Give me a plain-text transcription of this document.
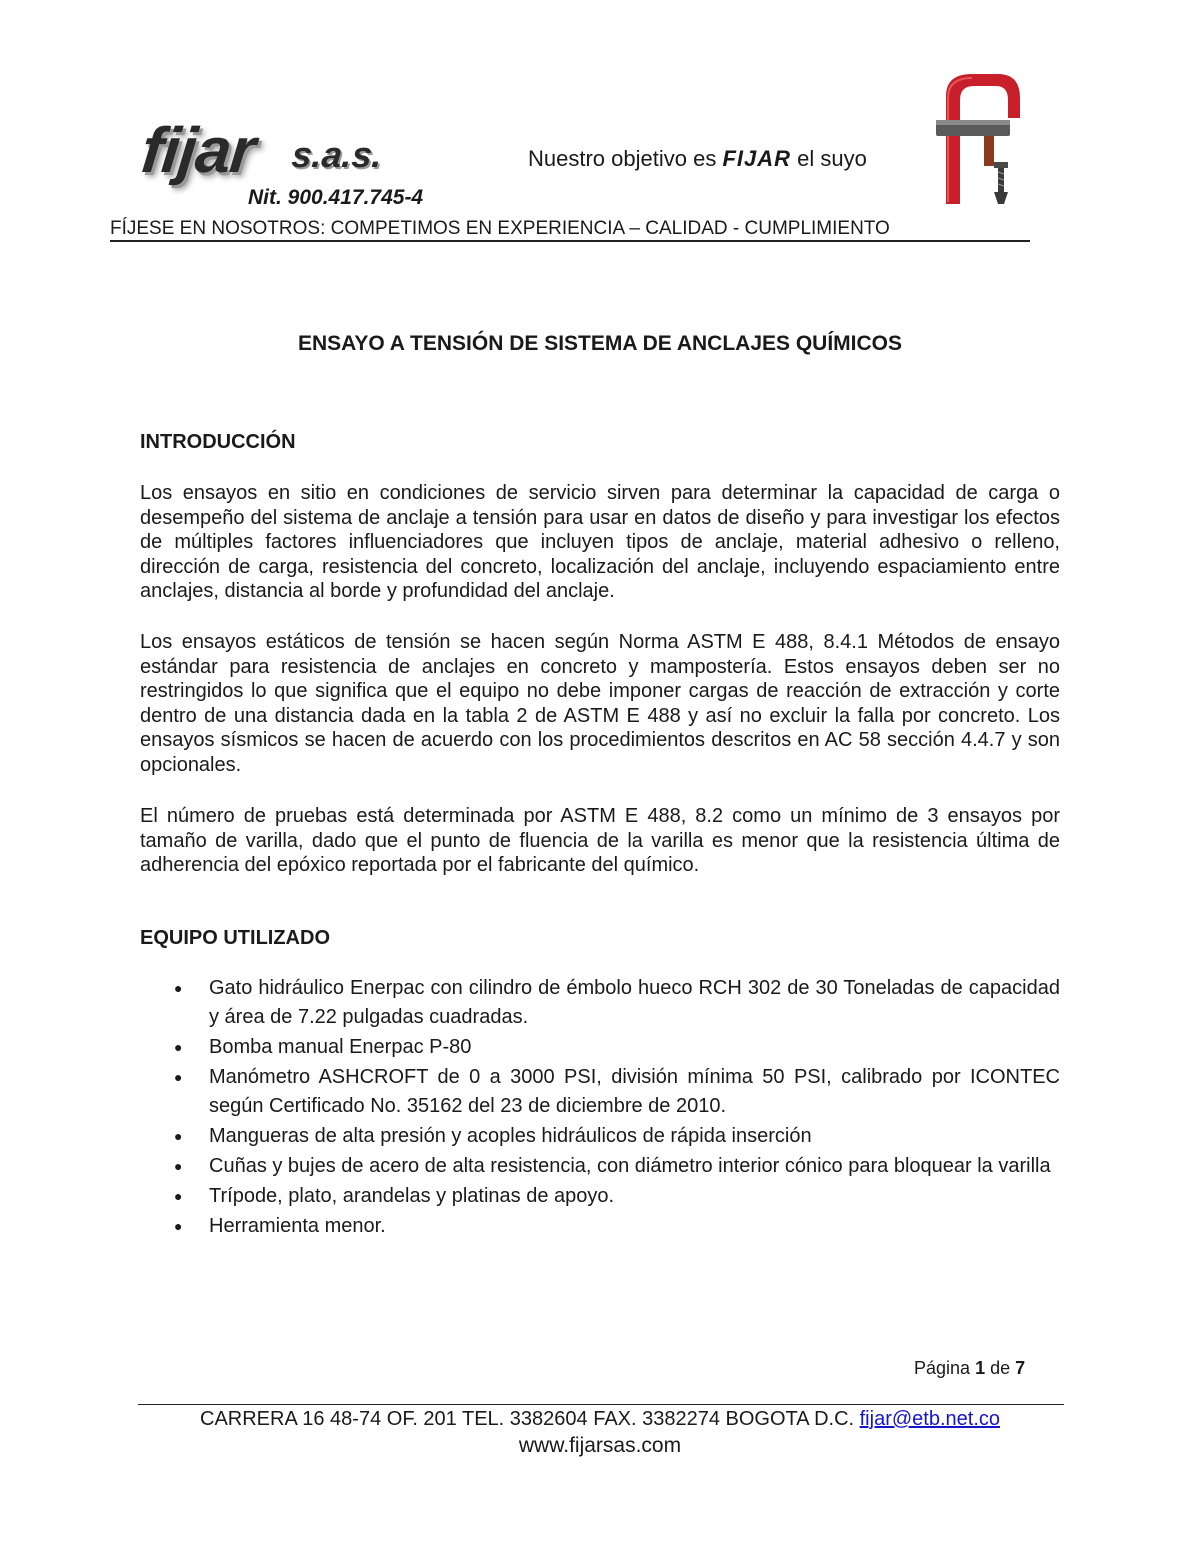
fijar s.a.s.
Nit. 900.417.745-4
Nuestro objetivo es FIJAR el suyo
FÍJESE EN NOSOTROS: COMPETIMOS EN EXPERIENCIA – CALIDAD - CUMPLIMIENTO
ENSAYO A TENSIÓN DE SISTEMA DE ANCLAJES QUÍMICOS
INTRODUCCIÓN
Los ensayos en sitio en condiciones de servicio sirven para determinar la capacidad de carga o desempeño del sistema de anclaje a tensión para usar en datos de diseño y para investigar los efectos de múltiples factores influenciadores que incluyen tipos de anclaje, material adhesivo o relleno, dirección de carga, resistencia del concreto, localización del anclaje, incluyendo espaciamiento entre anclajes, distancia al borde y profundidad del anclaje.
Los ensayos estáticos de tensión se hacen según Norma ASTM E 488, 8.4.1 Métodos de ensayo estándar para resistencia de anclajes en concreto y mampostería. Estos ensayos deben ser no restringidos lo que significa que el equipo no debe imponer cargas de reacción de extracción y corte dentro de una distancia dada en la tabla 2 de ASTM E 488 y así no excluir la falla por concreto. Los ensayos sísmicos se hacen de acuerdo con los procedimientos descritos en AC 58 sección 4.4.7 y son opcionales.
El número de pruebas está determinada por ASTM E 488, 8.2 como un mínimo de 3 ensayos por tamaño de varilla, dado que el punto de fluencia de la varilla es menor que la resistencia última de adherencia del epóxico reportada por el fabricante del químico.
EQUIPO UTILIZADO
● Gato hidráulico Enerpac con cilindro de émbolo hueco RCH 302 de 30 Toneladas de capacidad y área de 7.22 pulgadas cuadradas.
● Bomba manual Enerpac P-80
● Manómetro ASHCROFT de 0 a 3000 PSI, división mínima 50 PSI, calibrado por ICONTEC según Certificado No. 35162 del 23 de diciembre de 2010.
● Mangueras de alta presión y acoples hidráulicos de rápida inserción
● Cuñas y bujes de acero de alta resistencia, con diámetro interior cónico para bloquear la varilla
● Trípode, plato, arandelas y platinas de apoyo.
● Herramienta menor.
Página 1 de 7
CARRERA 16 48-74 OF. 201 TEL. 3382604 FAX. 3382274 BOGOTA D.C. fijar@etb.net.co
www.fijarsas.com
